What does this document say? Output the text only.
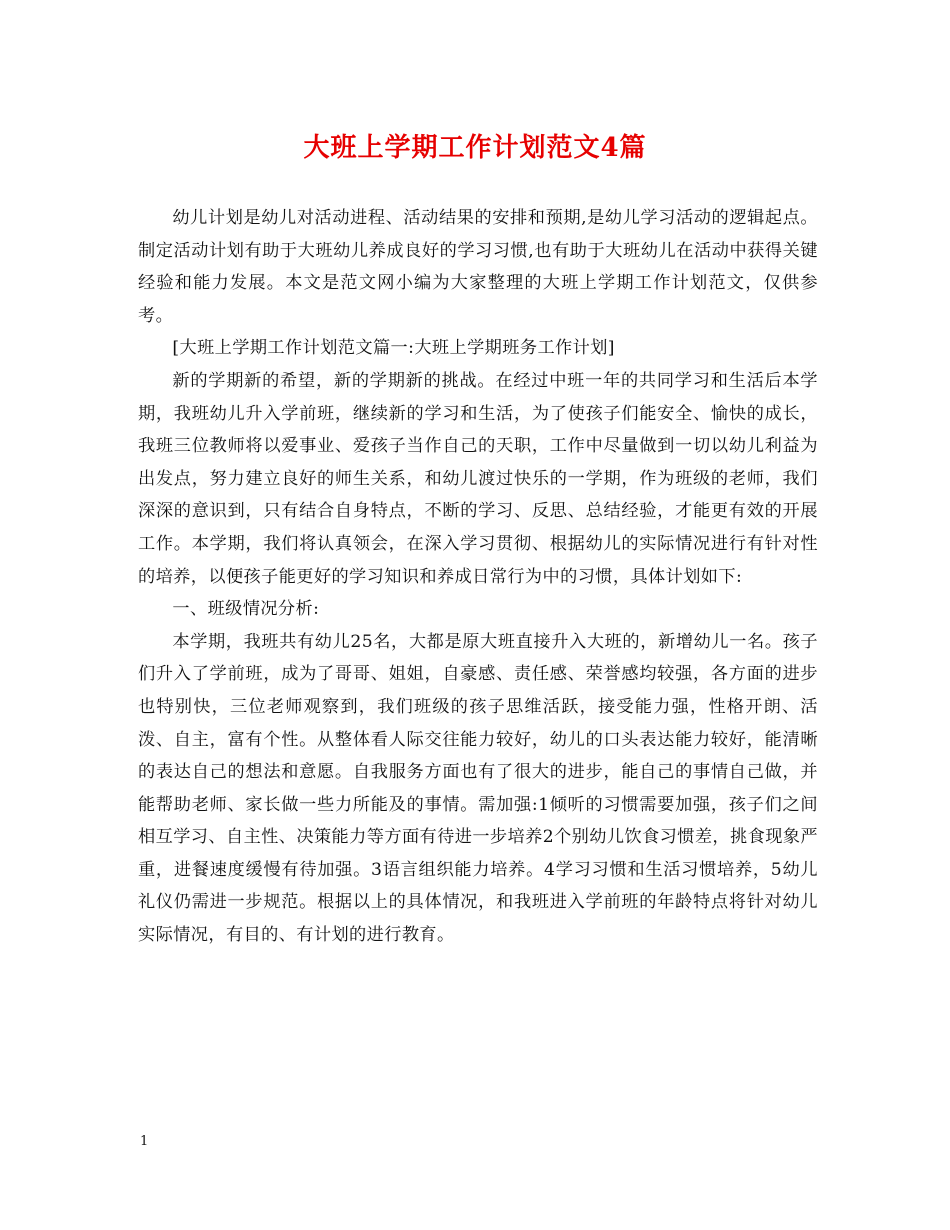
大班上学期工作计划范文4篇

幼儿计划是幼儿对活动进程、活动结果的安排和预期,是幼儿学习活动的逻辑起点。制定活动计划有助于大班幼儿养成良好的学习习惯,也有助于大班幼儿在活动中获得关键经验和能力发展。本文是范文网小编为大家整理的大班上学期工作计划范文，仅供参考。

[大班上学期工作计划范文篇一:大班上学期班务工作计划]

新的学期新的希望，新的学期新的挑战。在经过中班一年的共同学习和生活后本学期，我班幼儿升入学前班，继续新的学习和生活，为了使孩子们能安全、愉快的成长，我班三位教师将以爱事业、爱孩子当作自己的天职，工作中尽量做到一切以幼儿利益为出发点，努力建立良好的师生关系，和幼儿渡过快乐的一学期，作为班级的老师，我们深深的意识到，只有结合自身特点，不断的学习、反思、总结经验，才能更有效的开展工作。本学期，我们将认真领会，在深入学习贯彻、根据幼儿的实际情况进行有针对性的培养，以便孩子能更好的学习知识和养成日常行为中的习惯，具体计划如下:

一、班级情况分析:

本学期，我班共有幼儿25名，大都是原大班直接升入大班的，新增幼儿一名。孩子们升入了学前班，成为了哥哥、姐姐，自豪感、责任感、荣誉感均较强，各方面的进步也特别快，三位老师观察到，我们班级的孩子思维活跃，接受能力强，性格开朗、活泼、自主，富有个性。从整体看人际交往能力较好，幼儿的口头表达能力较好，能清晰的表达自己的想法和意愿。自我服务方面也有了很大的进步，能自己的事情自己做，并能帮助老师、家长做一些力所能及的事情。需加强:1倾听的习惯需要加强，孩子们之间相互学习、自主性、决策能力等方面有待进一步培养2个别幼儿饮食习惯差，挑食现象严重，进餐速度缓慢有待加强。3语言组织能力培养。4学习习惯和生活习惯培养，5幼儿礼仪仍需进一步规范。根据以上的具体情况，和我班进入学前班的年龄特点将针对幼儿实际情况，有目的、有计划的进行教育。

1
